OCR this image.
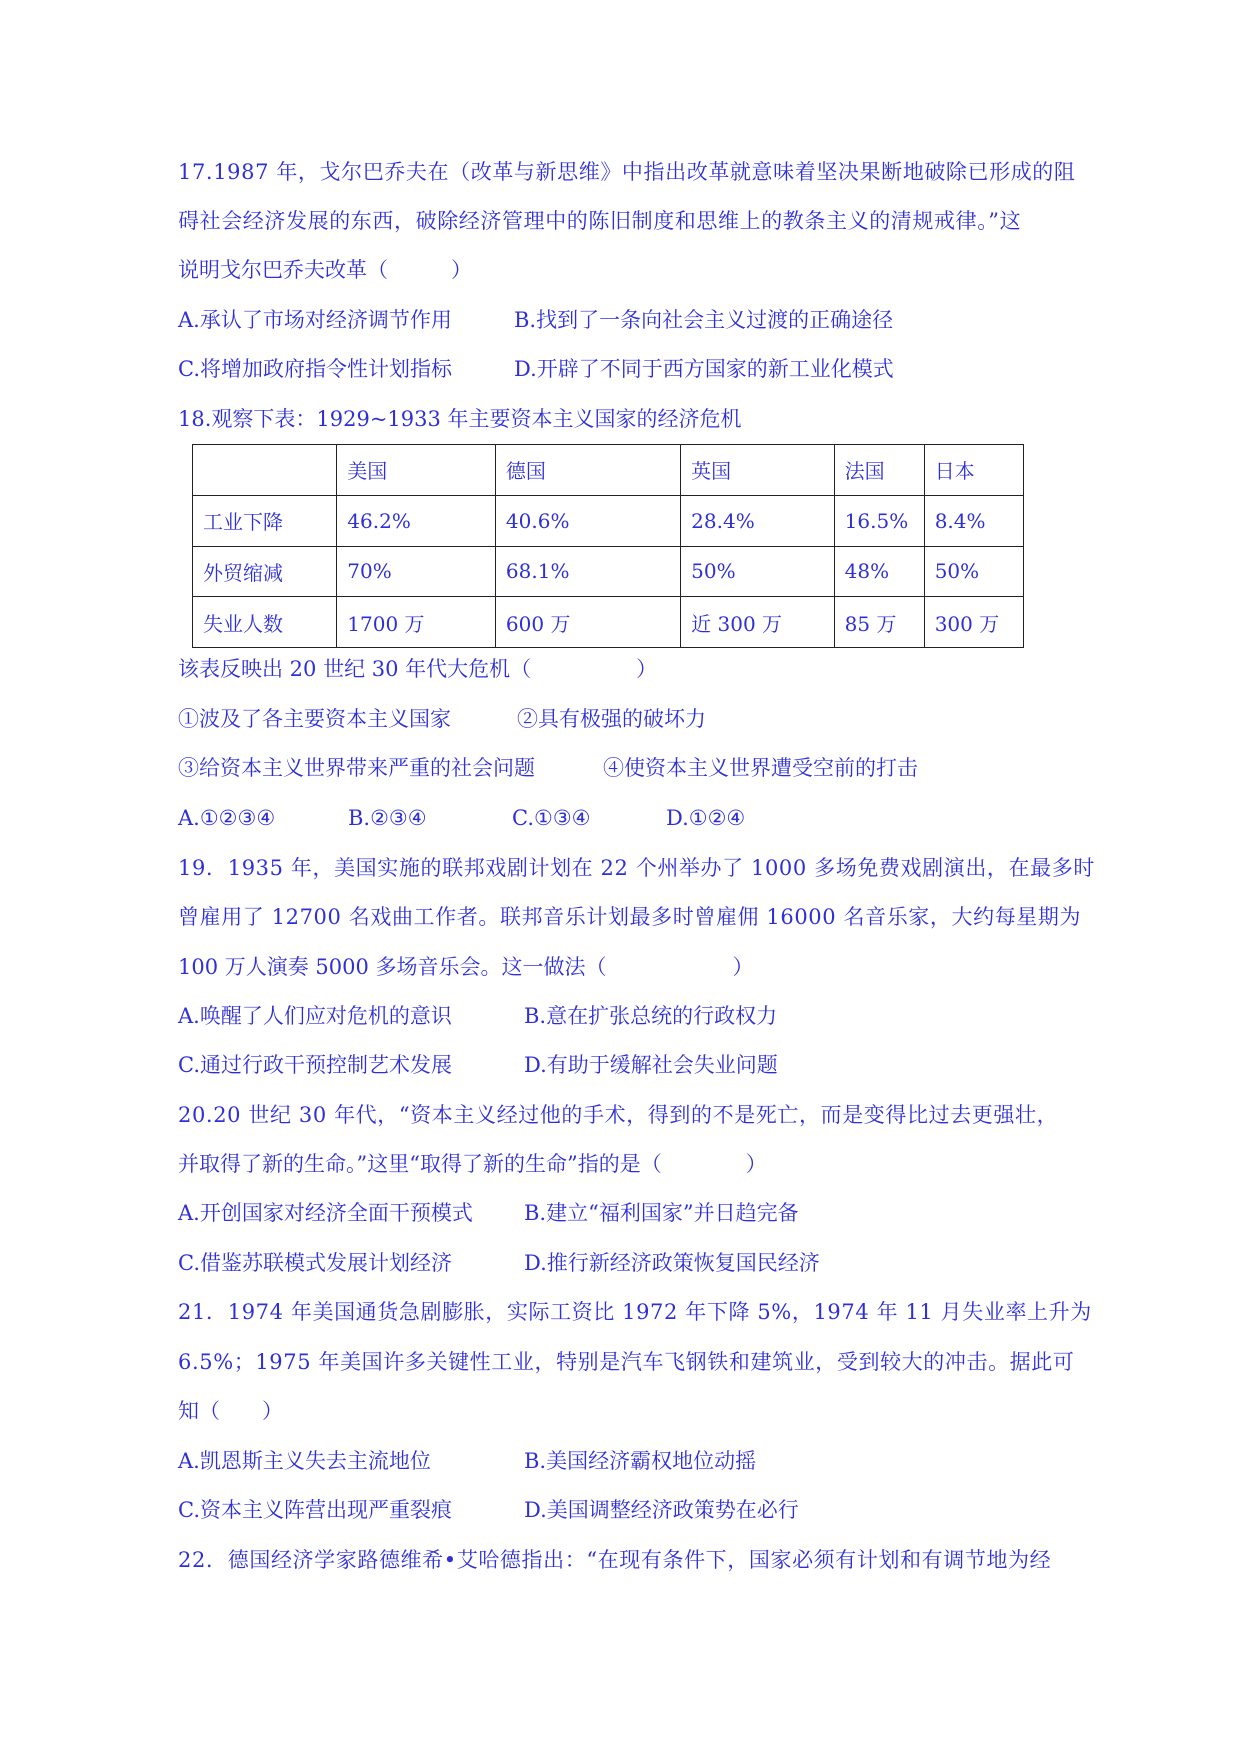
17.1987 年，戈尔巴乔夫在（改革与新思维》中指出改革就意味着坚决果断地破除已形成的阻
碍社会经济发展的东西，破除经济管理中的陈旧制度和思维上的教条主义的清规戒律。”这
说明戈尔巴乔夫改革（　　　）
A.承认了市场对经济调节作用	B.找到了一条向社会主义过渡的正确途径
C.将增加政府指令性计划指标	D.开辟了不同于西方国家的新工业化模式
18.观察下表：1929~1933 年主要资本主义国家的经济危机
	美国	德国	英国	法国	日本
工业下降	46.2%	40.6%	28.4%	16.5%	8.4%
外贸缩减	70%	68.1%	50%	48%	50%
失业人数	1700 万	600 万	近 300 万	85 万	300 万
该表反映出 20 世纪 30 年代大危机（　　　　　）
①波及了各主要资本主义国家	②具有极强的破坏力
③给资本主义世界带来严重的社会问题	④使资本主义世界遭受空前的打击
A.①②③④	B.②③④	C.①③④	D.①②④
19.  1935 年，美国实施的联邦戏剧计划在 22 个州举办了 1000 多场免费戏剧演出，在最多时
曾雇用了 12700 名戏曲工作者。联邦音乐计划最多时曾雇佣 16000 名音乐家，大约每星期为
100 万人演奏 5000 多场音乐会。这一做法（　　　　　　）
A.唤醒了人们应对危机的意识	B.意在扩张总统的行政权力
C.通过行政干预控制艺术发展	D.有助于缓解社会失业问题
20.20 世纪 30 年代，“资本主义经过他的手术，得到的不是死亡，而是变得比过去更强壮，
并取得了新的生命。”这里“取得了新的生命”指的是（　　　　）
A.开创国家对经济全面干预模式 B.建立“福利国家”并日趋完备
C.借鉴苏联模式发展计划经济	D.推行新经济政策恢复国民经济
21.  1974 年美国通货急剧膨胀，实际工资比 1972 年下降 5%，1974 年 11 月失业率上升为
6.5%；1975 年美国许多关键性工业，特别是汽车飞钢铁和建筑业，受到较大的冲击。据此可
知（　　）
A.凯恩斯主义失去主流地位	B.美国经济霸权地位动摇
C.资本主义阵营出现严重裂痕	D.美国调整经济政策势在必行
22.  德国经济学家路德维希•艾哈德指出：“在现有条件下，国家必须有计划和有调节地为经
